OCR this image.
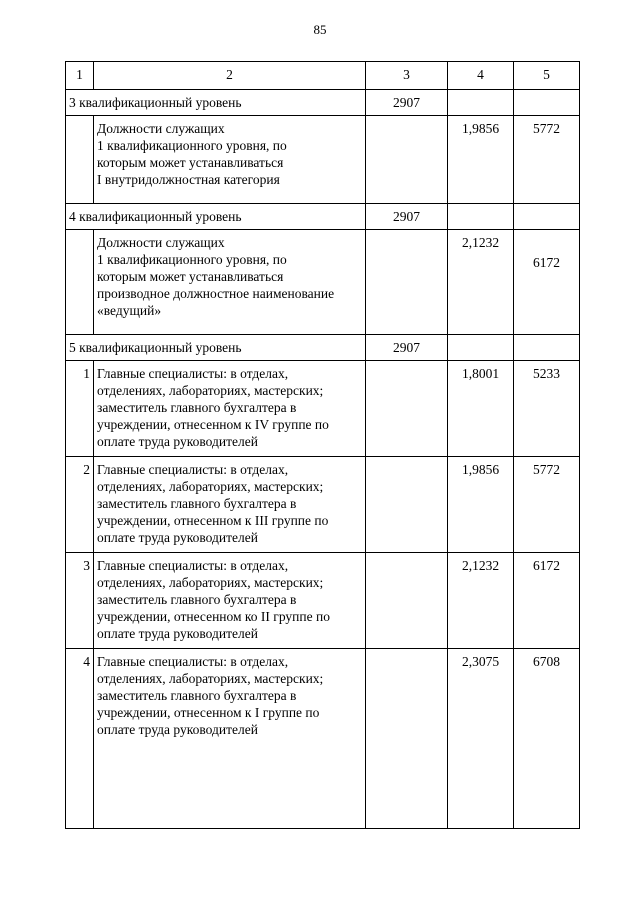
85
1	2	3	4	5
3 квалификационный уровень		2907		

	Должности служащих
1 квалификационного уровня, по
которым может устанавливаться
I внутридолжностная категория		1,9856	5772
4 квалификационный уровень		2907		

	Должности служащих
1 квалификационного уровня, по
которым может устанавливаться
производное должностное наименование
«ведущий»		2,1232	6172
5 квалификационный уровень		2907		
1	Главные специалисты: в отделах,
отделениях, лабораториях, мастерских;
заместитель главного бухгалтера в
учреждении, отнесенном к IV группе по
оплате труда руководителей		1,8001	5233
2	Главные специалисты: в отделах,
отделениях, лабораториях, мастерских;
заместитель главного бухгалтера в
учреждении, отнесенном к III группе по
оплате труда руководителей		1,9856	5772
3	Главные специалисты: в отделах,
отделениях, лабораториях, мастерских;
заместитель главного бухгалтера в
учреждении, отнесенном ко II группе по
оплате труда руководителей		2,1232	6172
4	Главные специалисты: в отделах,
отделениях, лабораториях, мастерских;
заместитель главного бухгалтера в
учреждении, отнесенном к I группе по
оплате труда руководителей		2,3075	6708
